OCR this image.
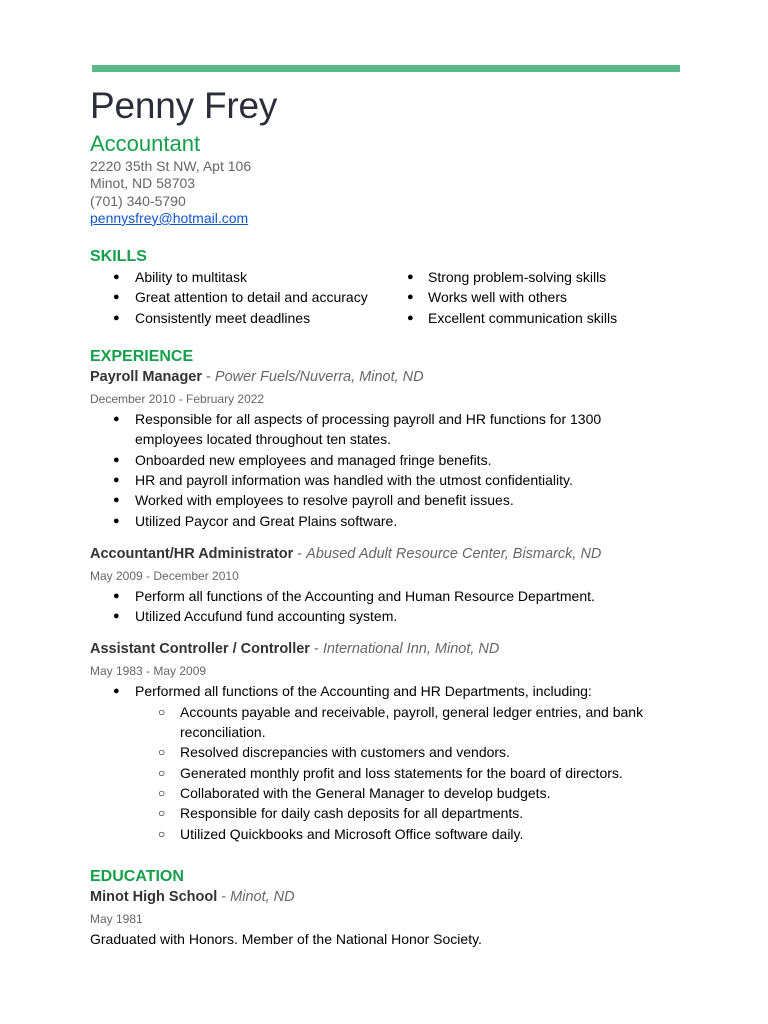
Penny Frey
Accountant
2220 35th St NW, Apt 106
Minot, ND 58703
(701) 340-5790
pennysfrey@hotmail.com
SKILLS
● Ability to multitask
● Great attention to detail and accuracy
● Consistently meet deadlines
● Strong problem-solving skills
● Works well with others
● Excellent communication skills
EXPERIENCE
Payroll Manager - Power Fuels/Nuverra, Minot, ND
December 2010 - February 2022
● Responsible for all aspects of processing payroll and HR functions for 1300
employees located throughout ten states.
● Onboarded new employees and managed fringe benefits.
● HR and payroll information was handled with the utmost confidentiality.
● Worked with employees to resolve payroll and benefit issues.
● Utilized Paycor and Great Plains software.
Accountant/HR Administrator - Abused Adult Resource Center, Bismarck, ND
May 2009 - December 2010
● Perform all functions of the Accounting and Human Resource Department.
● Utilized Accufund fund accounting system.
Assistant Controller / Controller - International Inn, Minot, ND
May 1983 - May 2009
● Performed all functions of the Accounting and HR Departments, including:
○ Accounts payable and receivable, payroll, general ledger entries, and bank
reconciliation.
○ Resolved discrepancies with customers and vendors.
○ Generated monthly profit and loss statements for the board of directors.
○ Collaborated with the General Manager to develop budgets.
○ Responsible for daily cash deposits for all departments.
○ Utilized Quickbooks and Microsoft Office software daily.
EDUCATION
Minot High School - Minot, ND
May 1981
Graduated with Honors. Member of the National Honor Society.
